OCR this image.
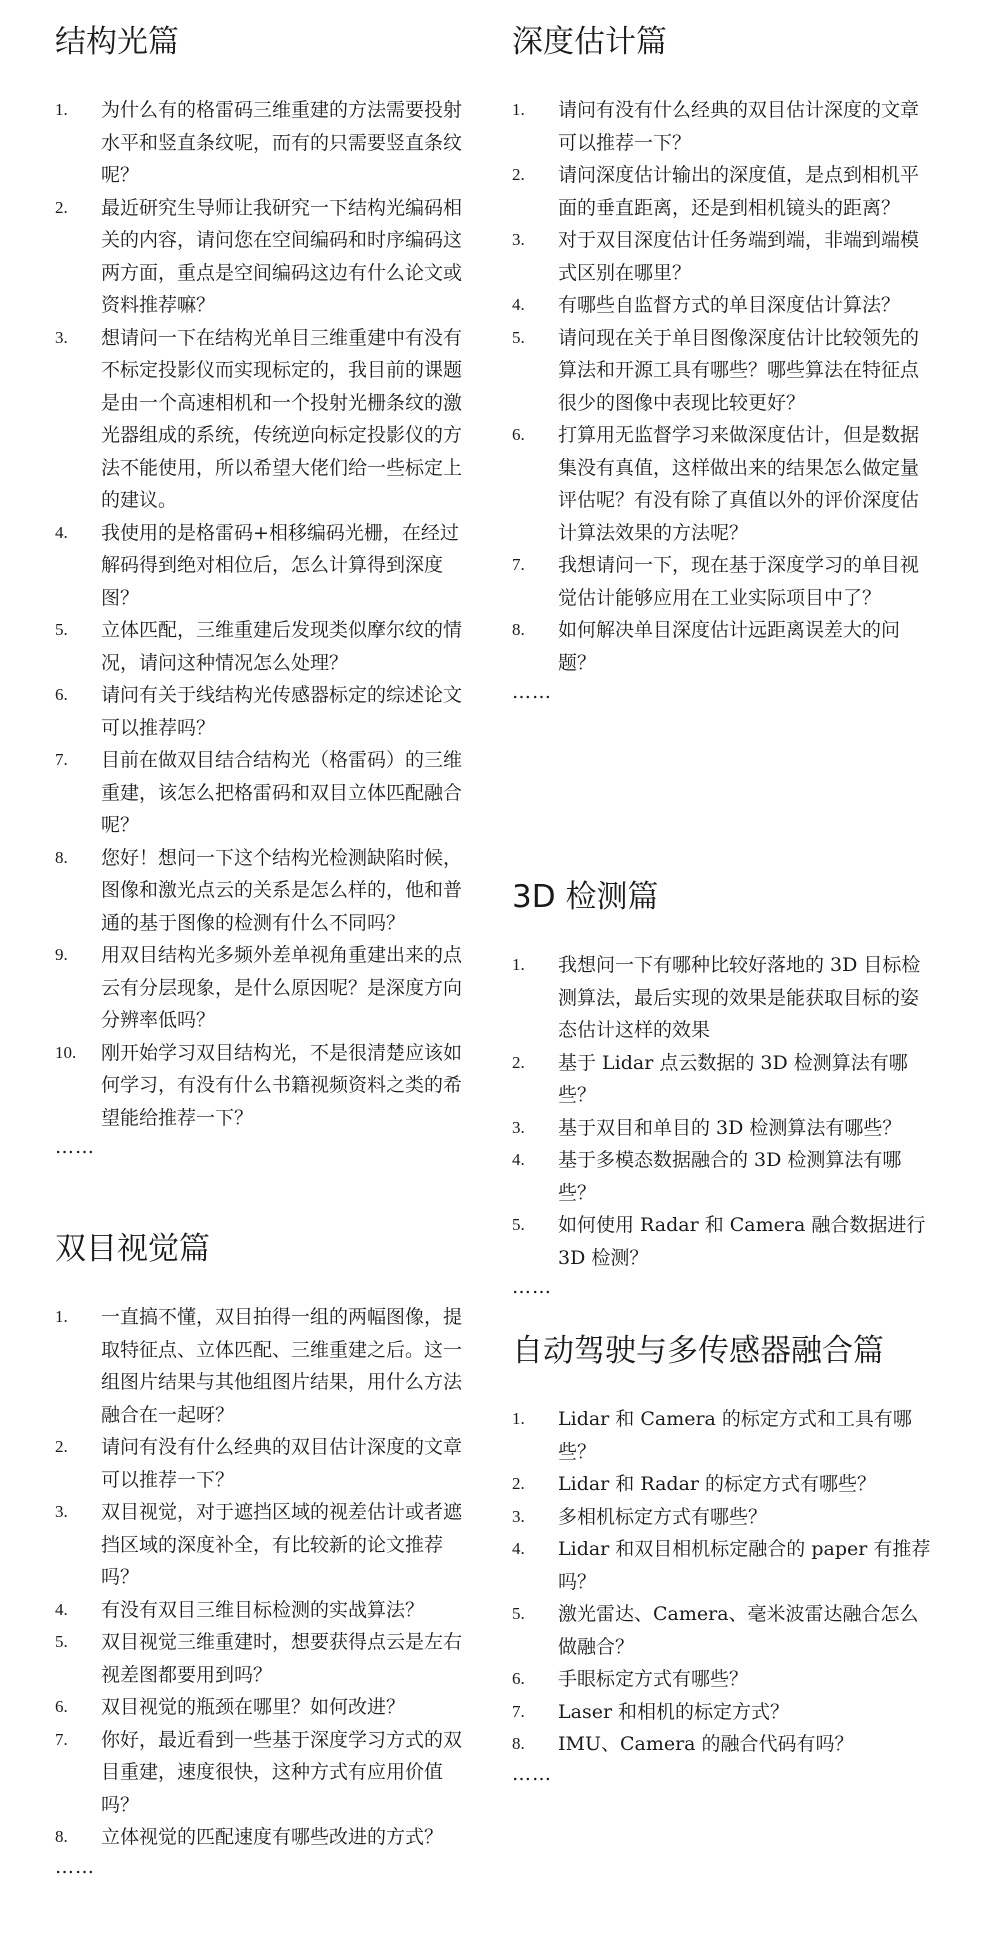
结构光篇
1. 为什么有的格雷码三维重建的方法需要投射水平和竖直条纹呢，而有的只需要竖直条纹呢？
2. 最近研究生导师让我研究一下结构光编码相关的内容，请问您在空间编码和时序编码这两方面，重点是空间编码这边有什么论文或资料推荐嘛？
3. 想请问一下在结构光单目三维重建中有没有不标定投影仪而实现标定的，我目前的课题是由一个高速相机和一个投射光栅条纹的激光器组成的系统，传统逆向标定投影仪的方法不能使用，所以希望大佬们给一些标定上的建议。
4. 我使用的是格雷码+相移编码光栅，在经过解码得到绝对相位后，怎么计算得到深度图？
5. 立体匹配，三维重建后发现类似摩尔纹的情况，请问这种情况怎么处理？
6. 请问有关于线结构光传感器标定的综述论文可以推荐吗？
7. 目前在做双目结合结构光（格雷码）的三维重建，该怎么把格雷码和双目立体匹配融合呢？
8. 您好！想问一下这个结构光检测缺陷时候，图像和激光点云的关系是怎么样的，他和普通的基于图像的检测有什么不同吗？
9. 用双目结构光多频外差单视角重建出来的点云有分层现象，是什么原因呢？是深度方向分辨率低吗？
10. 刚开始学习双目结构光，不是很清楚应该如何学习，有没有什么书籍视频资料之类的希望能给推荐一下？
……
双目视觉篇
1. 一直搞不懂，双目拍得一组的两幅图像，提取特征点、立体匹配、三维重建之后。这一组图片结果与其他组图片结果，用什么方法融合在一起呀？
2. 请问有没有什么经典的双目估计深度的文章可以推荐一下？
3. 双目视觉，对于遮挡区域的视差估计或者遮挡区域的深度补全，有比较新的论文推荐吗？
4. 有没有双目三维目标检测的实战算法？
5. 双目视觉三维重建时，想要获得点云是左右视差图都要用到吗？
6. 双目视觉的瓶颈在哪里？如何改进？
7. 你好，最近看到一些基于深度学习方式的双目重建，速度很快，这种方式有应用价值吗？
8. 立体视觉的匹配速度有哪些改进的方式？
……
深度估计篇
1. 请问有没有什么经典的双目估计深度的文章可以推荐一下？
2. 请问深度估计输出的深度值，是点到相机平面的垂直距离，还是到相机镜头的距离？
3. 对于双目深度估计任务端到端，非端到端模式区别在哪里？
4. 有哪些自监督方式的单目深度估计算法？
5. 请问现在关于单目图像深度估计比较领先的算法和开源工具有哪些？哪些算法在特征点很少的图像中表现比较更好？
6. 打算用无监督学习来做深度估计，但是数据集没有真值，这样做出来的结果怎么做定量评估呢？有没有除了真值以外的评价深度估计算法效果的方法呢？
7. 我想请问一下，现在基于深度学习的单目视觉估计能够应用在工业实际项目中了？
8. 如何解决单目深度估计远距离误差大的问题？
……
3D 检测篇
1. 我想问一下有哪种比较好落地的 3D 目标检测算法，最后实现的效果是能获取目标的姿态估计这样的效果
2. 基于 Lidar 点云数据的 3D 检测算法有哪些？
3. 基于双目和单目的 3D 检测算法有哪些？
4. 基于多模态数据融合的 3D 检测算法有哪些？
5. 如何使用 Radar 和 Camera 融合数据进行 3D 检测？
……
自动驾驶与多传感器融合篇
1. Lidar 和 Camera 的标定方式和工具有哪些？
2. Lidar 和 Radar 的标定方式有哪些？
3. 多相机标定方式有哪些？
4. Lidar 和双目相机标定融合的 paper 有推荐吗？
5. 激光雷达、Camera、毫米波雷达融合怎么做融合？
6. 手眼标定方式有哪些？
7. Laser 和相机的标定方式？
8. IMU、Camera 的融合代码有吗？
……
